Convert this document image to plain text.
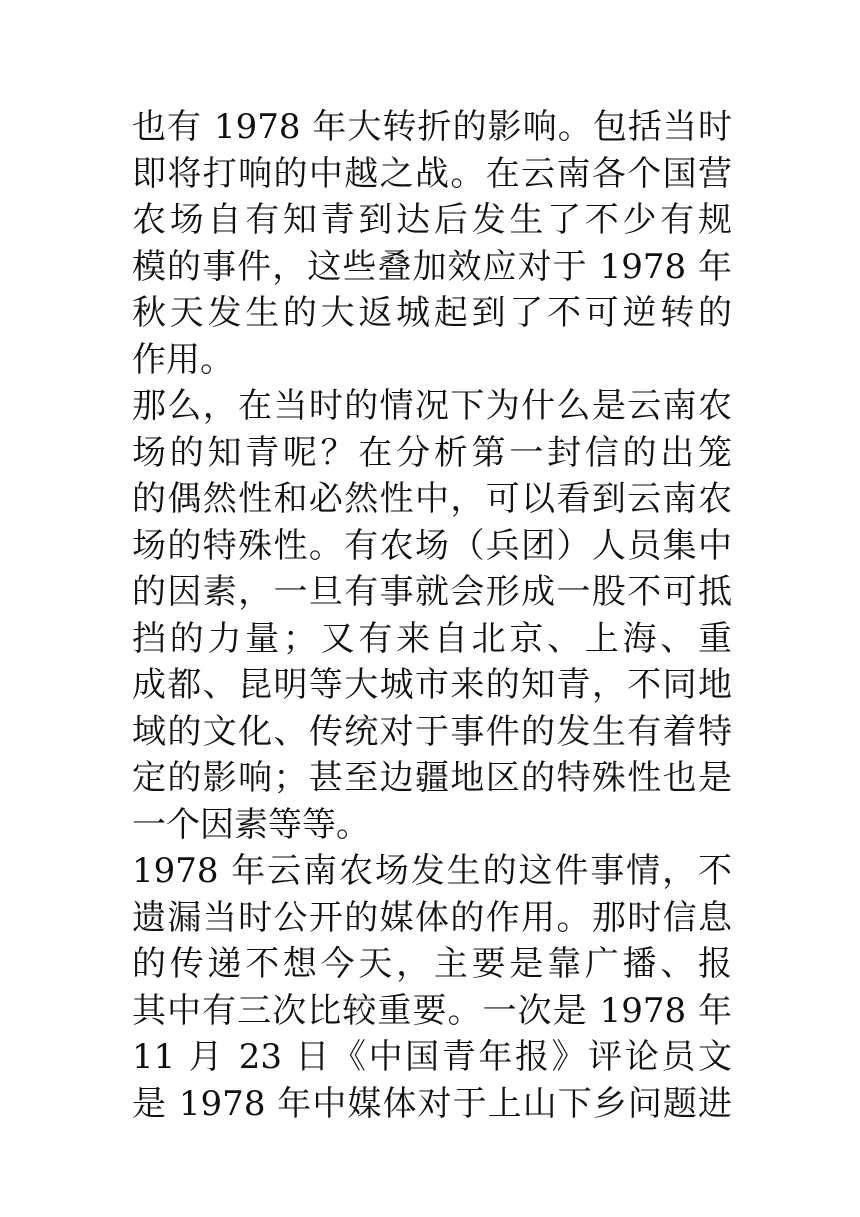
也有 1978 年大转折的影响。包括当时
即将打响的中越之战。在云南各个国营
农场自有知青到达后发生了不少有规
模的事件，这些叠加效应对于 1978 年
秋天发生的大返城起到了不可逆转的
作用。
那么，在当时的情况下为什么是云南农
场的知青呢？在分析第一封信的出笼
的偶然性和必然性中，可以看到云南农
场的特殊性。有农场（兵团）人员集中
的因素，一旦有事就会形成一股不可抵
挡的力量；又有来自北京、上海、重
成都、昆明等大城市来的知青，不同地
域的文化、传统对于事件的发生有着特
定的影响；甚至边疆地区的特殊性也是
一个因素等等。
1978 年云南农场发生的这件事情，不
遗漏当时公开的媒体的作用。那时信息
的传递不想今天，主要是靠广播、报
其中有三次比较重要。一次是 1978 年
11 月 23 日《中国青年报》评论员文
是 1978 年中媒体对于上山下乡问题进
